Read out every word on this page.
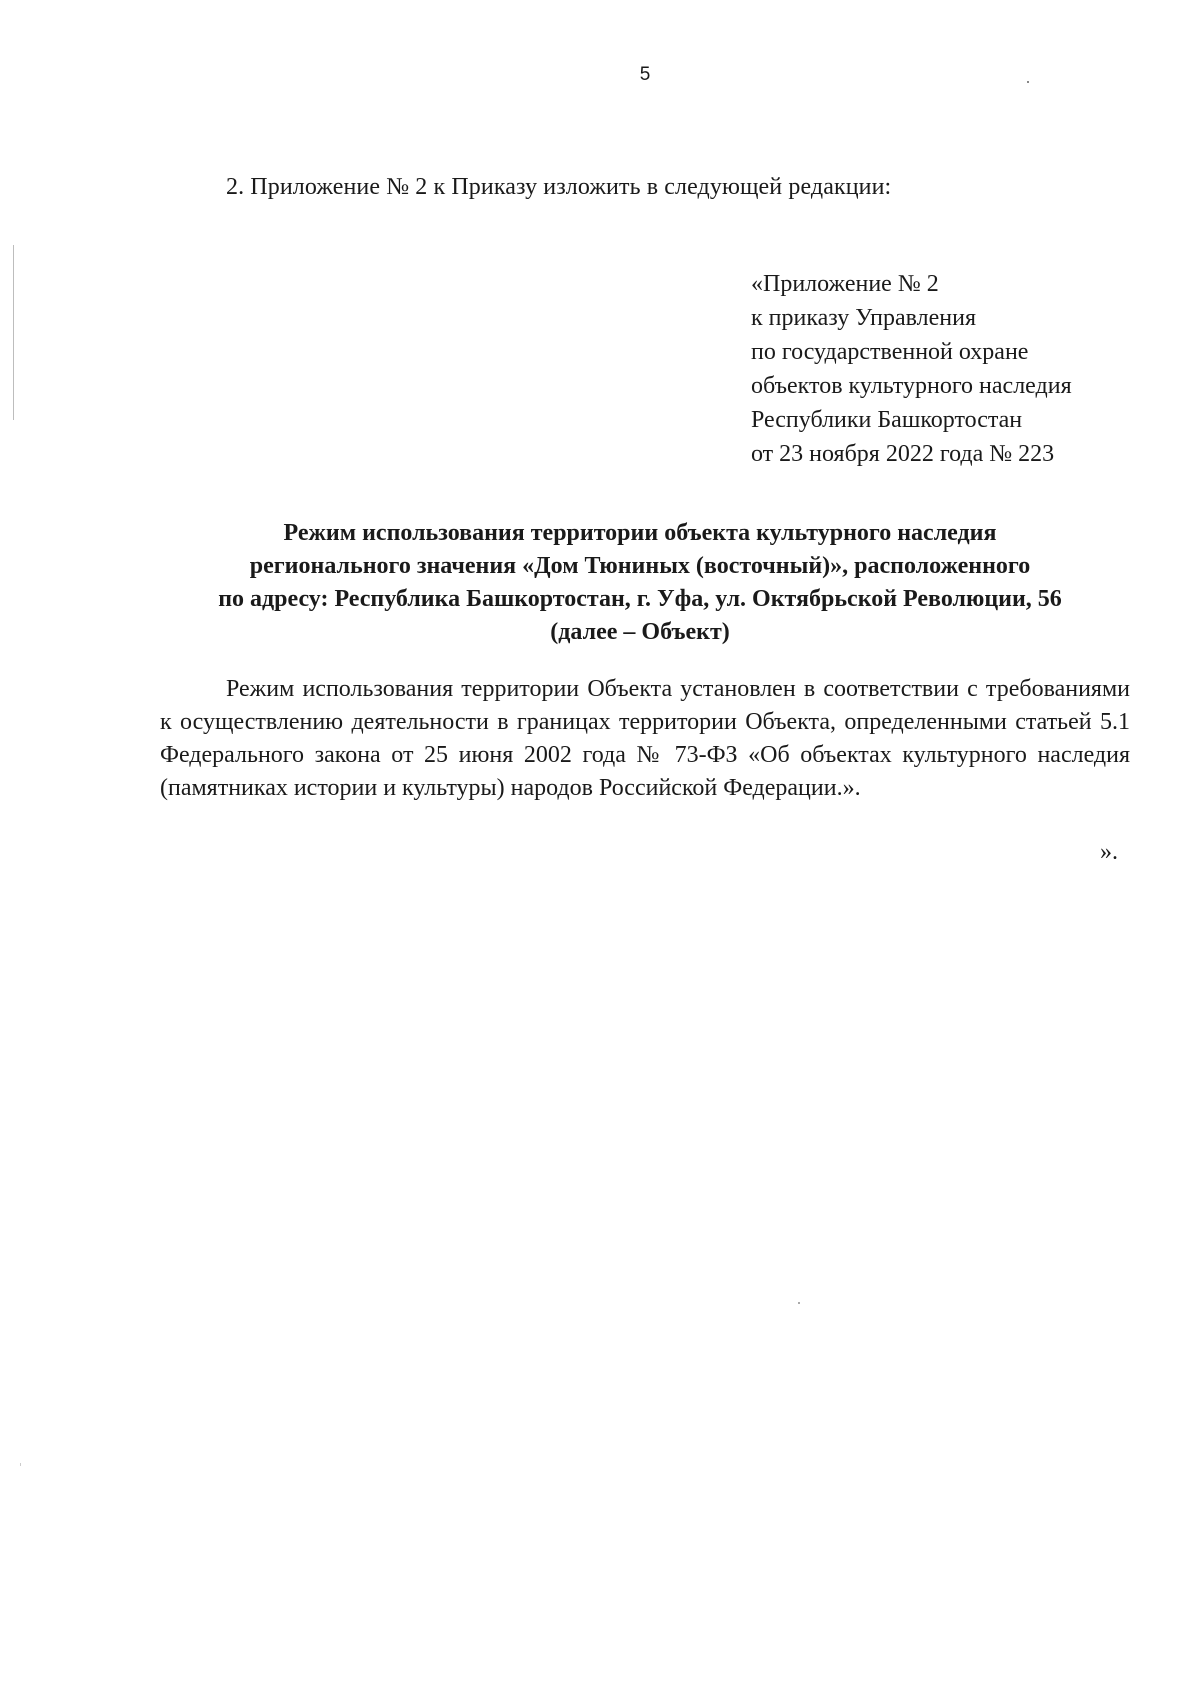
5
2. Приложение № 2 к Приказу изложить в следующей редакции:
«Приложение № 2
к приказу Управления
по государственной охране
объектов культурного наследия
Республики Башкортостан
от 23 ноября 2022 года № 223
Режим использования территории объекта культурного наследия
регионального значения «Дом Тюниных (восточный)», расположенного
по адресу: Республика Башкортостан, г. Уфа, ул. Октябрьской Революции, 56
(далее – Объект)

Режим использования территории Объекта установлен в соответствии с требованиями к осуществлению деятельности в границах территории Объекта, определенными статьей 5.1 Федерального закона от 25 июня 2002 года № 73-ФЗ «Об объектах культурного наследия (памятниках истории и культуры) народов Российской Федерации.».

».
